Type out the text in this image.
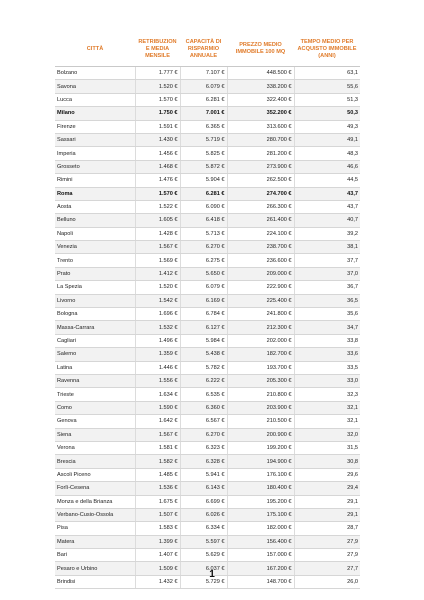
CITTÀ	RETRIBUZION E MEDIA MENSILE	CAPACITÀ DI RISPARMIO ANNUALE	PREZZO MEDIO IMMOBILE 100 MQ	TEMPO MEDIO PER ACQUISTO IMMOBILE (ANNI)
Bolzano	1.777 €	7.107 €	448.500 €	63,1
Savona	1.520 €	6.079 €	338.200 €	55,6
Lucca	1.570 €	6.281 €	322.400 €	51,3
Milano	1.750 €	7.001 €	352.200 €	50,3
Firenze	1.591 €	6.365 €	313.600 €	49,3
Sassari	1.430 €	5.719 €	280.700 €	49,1
Imperia	1.456 €	5.825 €	281.200 €	48,3
Grosseto	1.468 €	5.872 €	273.900 €	46,6
Rimini	1.476 €	5.904 €	262.500 €	44,5
Roma	1.570 €	6.281 €	274.700 €	43,7
Aosta	1.522 €	6.090 €	266.300 €	43,7
Belluno	1.605 €	6.418 €	261.400 €	40,7
Napoli	1.428 €	5.713 €	224.100 €	39,2
Venezia	1.567 €	6.270 €	238.700 €	38,1
Trento	1.569 €	6.275 €	236.600 €	37,7
Prato	1.412 €	5.650 €	209.000 €	37,0
La Spezia	1.520 €	6.079 €	222.900 €	36,7
Livorno	1.542 €	6.169 €	225.400 €	36,5
Bologna	1.696 €	6.784 €	241.800 €	35,6
Massa-Carrara	1.532 €	6.127 €	212.300 €	34,7
Cagliari	1.496 €	5.984 €	202.000 €	33,8
Salerno	1.359 €	5.438 €	182.700 €	33,6
Latina	1.446 €	5.782 €	193.700 €	33,5
Ravenna	1.556 €	6.222 €	205.300 €	33,0
Trieste	1.634 €	6.535 €	210.800 €	32,3
Como	1.590 €	6.360 €	203.900 €	32,1
Genova	1.642 €	6.567 €	210.500 €	32,1
Siena	1.567 €	6.270 €	200.900 €	32,0
Verona	1.581 €	6.323 €	199.200 €	31,5
Brescia	1.582 €	6.328 €	194.900 €	30,8
Ascoli Piceno	1.485 €	5.941 €	176.100 €	29,6
Forlì-Cesena	1.536 €	6.143 €	180.400 €	29,4
Monza e della Brianza	1.675 €	6.699 €	195.200 €	29,1
Verbano-Cusio-Ossola	1.507 €	6.026 €	175.100 €	29,1
Pisa	1.583 €	6.334 €	182.000 €	28,7
Matera	1.399 €	5.597 €	156.400 €	27,9
Bari	1.407 €	5.629 €	157.000 €	27,9
Pesaro e Urbino	1.509 €	6.037 €	167.200 €	27,7
Brindisi	1.432 €	5.729 €	148.700 €	26,0
1
